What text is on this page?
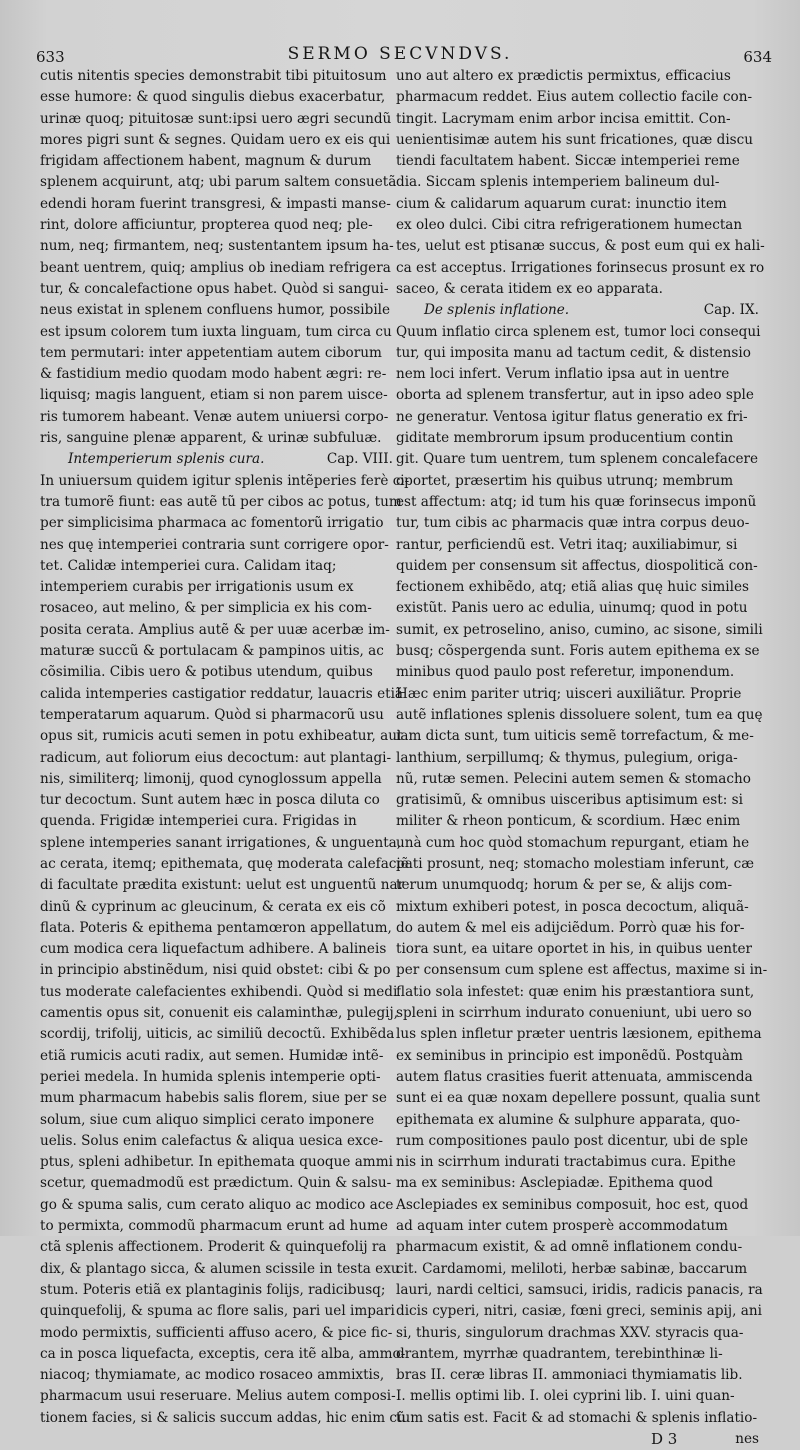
633	SERMO SECVNDVS.	634
cutis nitentis species demonstrabit tibi pituitosum
esse humore: & quod singulis diebus exacerbatur,
urinæ quoq; pituitosæ sunt:ipsi uero ægri secundũ
mores pigri sunt & segnes. Quidam uero ex eis qui
frigidam affectionem habent, magnum & durum
splenem acquirunt, atq; ubi parum saltem consuetã
edendi horam fuerint transgresi, & impasti manse-
rint, dolore afficiuntur, propterea quod neq; ple-
num, neq; firmantem, neq; sustentantem ipsum ha-
beant uentrem, quiq; amplius ob inediam refrigera
tur, & concalefactione opus habet. Quòd si sangui-
neus existat in splenem confluens humor, possibile
est ipsum colorem tum iuxta linguam, tum circa cu
tem permutari: inter appetentiam autem ciborum
& fastidium medio quodam modo habent ægri: re-
liquisq; magis languent, etiam si non parem uisce-
ris tumorem habeant. Venæ autem uniuersi corpo-
ris, sanguine plenæ apparent, & urinæ subfuluæ.
Cap. VIII.
Intemperierum splenis cura.
In uniuersum quidem igitur splenis intẽperies ferè ci-
tra tumorẽ fiunt: eas autẽ tũ per cibos ac potus, tum
per simplicisima pharmaca ac fomentorũ irrigatio
nes quę intemperiei contraria sunt corrigere opor-
tet. Calidæ intemperiei cura. Calidam itaq;
intemperiem curabis per irrigationis usum ex
rosaceo, aut melino, & per simplicia ex his com-
posita cerata. Amplius autẽ & per uuæ acerbæ im-
maturæ succũ & portulacam & pampinos uitis, ac
cõsimilia. Cibis uero & potibus utendum, quibus
calida intemperies castigatior reddatur, lauacris etiã
temperatarum aquarum. Quòd si pharmacorũ usu
opus sit, rumicis acuti semen in potu exhibeatur, aut
radicum, aut foliorum eius decoctum: aut plantagi-
nis, similiterq; limonij, quod cynoglossum appella
tur decoctum. Sunt autem hæc in posca diluta co
quenda. Frigidæ intemperiei cura. Frigidas in
splene intemperies sanant irrigationes, & unguenta,
ac cerata, itemq; epithemata, quę moderata calefaciẽ
di facultate prædita existunt: uelut est unguentũ nar
dinũ & cyprinum ac gleucinum, & cerata ex eis cõ
flata. Poteris & epithema pentamœron appellatum,
cum modica cera liquefactum adhibere. A balineis
in principio abstinẽdum, nisi quid obstet: cibi & po
tus moderate calefacientes exhibendi. Quòd si medi
camentis opus sit, conuenit eis calaminthæ, pulegij,
scordij, trifolij, uiticis, ac similiũ decoctũ. Exhibẽda
etiã rumicis acuti radix, aut semen. Humidæ intẽ-
periei medela. In humida splenis intemperie opti-
mum pharmacum habebis salis florem, siue per se
solum, siue cum aliquo simplici cerato imponere
uelis. Solus enim calefactus & aliqua uesica exce-
ptus, spleni adhibetur. In epithemata quoque ammi
scetur, quemadmodũ est prædictum. Quin & salsu-
go & spuma salis, cum cerato aliquo ac modico ace
to permixta, commodũ pharmacum erunt ad hume
ctã splenis affectionem. Proderit & quinquefolij ra
dix, & plantago sicca, & alumen scissile in testa exu
stum. Poteris etiã ex plantaginis folijs, radicibusq;
quinquefolij, & spuma ac flore salis, pari uel impari
modo permixtis, sufficienti affuso acero, & pice fic-
ca in posca liquefacta, exceptis, cera itẽ alba, ammo-
niacoq; thymiamate, ac modico rosaceo ammixtis,
pharmacum usui reseruare. Melius autem composi-
tionem facies, si & salicis succum addas, hic enim cũ
uno aut altero ex prædictis permixtus, efficacius
pharmacum reddet. Eius autem collectio facile con-
tingit. Lacrymam enim arbor incisa emittit. Con-
uenientisimæ autem his sunt fricationes, quæ discu
tiendi facultatem habent. Siccæ intemperiei reme
dia. Siccam splenis intemperiem balineum dul-
cium & calidarum aquarum curat: inunctio item
ex oleo dulci. Cibi citra refrigerationem humectan
tes, uelut est ptisanæ succus, & post eum qui ex hali-
ca est acceptus. Irrigationes forinsecus prosunt ex ro
saceo, & cerata itidem ex eo apparata.
Cap. IX.
De splenis inflatione.
Quum inflatio circa splenem est, tumor loci consequi
tur, qui imposita manu ad tactum cedit, & distensio
nem loci infert. Verum inflatio ipsa aut in uentre
oborta ad splenem transfertur, aut in ipso adeo sple
ne generatur. Ventosa igitur flatus generatio ex fri-
giditate membrorum ipsum producentium contin
git. Quare tum uentrem, tum splenem concalefacere
oportet, præsertim his quibus utrunq; membrum
est affectum: atq; id tum his quæ forinsecus imponũ
tur, tum cibis ac pharmacis quæ intra corpus deuo-
rantur, perficiendũ est. Vetri itaq; auxiliabimur, si
quidem per consensum sit affectus, diospolitică con-
fectionem exhibẽdo, atq; etiã alias quę huic similes
existũt. Panis uero ac edulia, uinumq; quod in potu
sumit, ex petroselino, aniso, cumino, ac sisone, simili
busq; cõspergenda sunt. Foris autem epithema ex se
minibus quod paulo post referetur, imponendum.
Hæc enim pariter utriq; uisceri auxiliãtur. Proprie
autẽ inflationes splenis dissoluere solent, tum ea quę
iam dicta sunt, tum uiticis semẽ torrefactum, & me-
lanthium, serpillumq; & thymus, pulegium, origa-
nũ, rutæ semen. Pelecini autem semen & stomacho
gratisimũ, & omnibus uisceribus aptisimum est: si
militer & rheon ponticum, & scordium. Hæc enim
unà cum hoc quòd stomachum repurgant, etiam he
pati prosunt, neq; stomacho molestiam inferunt, cæ
terum unumquodq; horum & per se, & alijs com-
mixtum exhiberi potest, in posca decoctum, aliquã-
do autem & mel eis adijciẽdum. Porrò quæ his for-
tiora sunt, ea uitare oportet in his, in quibus uenter
per consensum cum splene est affectus, maxime si in-
flatio sola infestet: quæ enim his præstantiora sunt,
spleni in scirrhum indurato conueniunt, ubi uero so
lus splen infletur præter uentris læsionem, epithema
ex seminibus in principio est imponẽdũ. Postquàm
autem flatus crasities fuerit attenuata, ammiscenda
sunt ei ea quæ noxam depellere possunt, qualia sunt
epithemata ex alumine & sulphure apparata, quo-
rum compositiones paulo post dicentur, ubi de sple
nis in scirrhum indurati tractabimus cura. Epithe
ma ex seminibus: Asclepiadæ. Epithema quod
Asclepiades ex seminibus composuit, hoc est, quod
ad aquam inter cutem prosperè accommodatum
pharmacum existit, & ad omnẽ inflationem condu-
cit. Cardamomi, meliloti, herbæ sabinæ, baccarum
lauri, nardi celtici, samsuci, iridis, radicis panacis, ra
dicis cyperi, nitri, casiæ, fœni greci, seminis apij, ani
si, thuris, singulorum drachmas XXV. styracis qua-
drantem, myrrhæ quadrantem, terebinthinæ li-
bras II. ceræ libras II. ammoniaci thymiamatis lib.
I. mellis optimi lib. I. olei cyprini lib. I. uini quan-
tum satis est. Facit & ad stomachi & splenis inflatio-
D 3	nes
